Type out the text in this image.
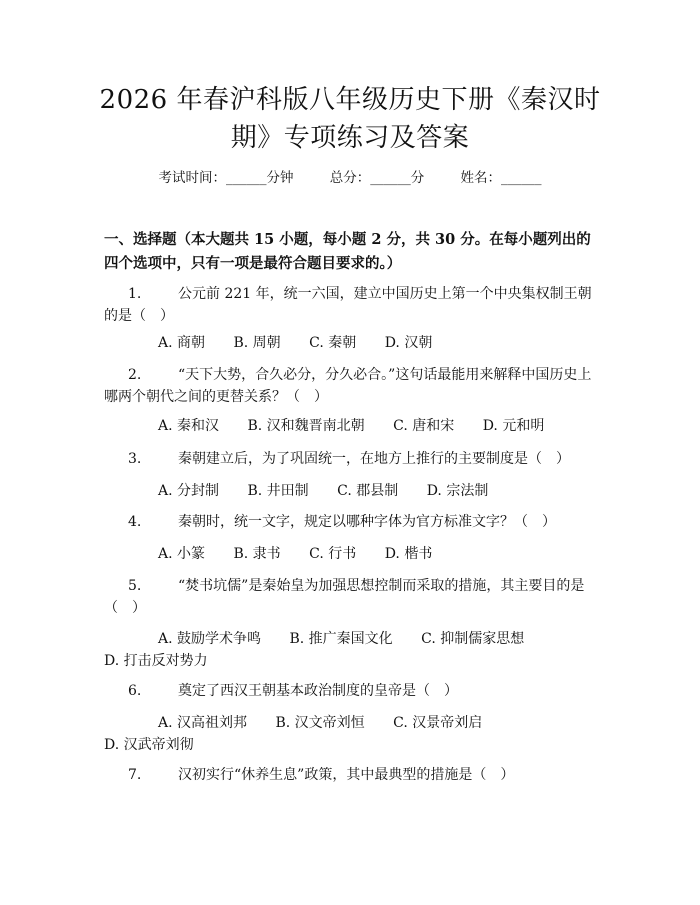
2026 年春沪科版八年级历史下册《秦汉时
期》专项练习及答案
考试时间：______分钟	总分：______分	姓名：______
一、选择题（本大题共 15 小题，每小题 2 分，共 30 分。在每小题列出的四个选项中，只有一项是最符合题目要求的。）
1.	公元前 221 年，统一六国，建立中国历史上第一个中央集权制王朝的是（　）
A. 商朝 B. 周朝 C. 秦朝 D. 汉朝
2.	“天下大势，合久必分，分久必合。”这句话最能用来解释中国历史上哪两个朝代之间的更替关系？（　）
A. 秦和汉 B. 汉和魏晋南北朝 C. 唐和宋 D. 元和明
3.	秦朝建立后，为了巩固统一，在地方上推行的主要制度是（　）
A. 分封制 B. 井田制 C. 郡县制 D. 宗法制
4.	秦朝时，统一文字，规定以哪种字体为官方标准文字？（　）
A. 小篆 B. 隶书 C. 行书 D. 楷书
5.	“焚书坑儒”是秦始皇为加强思想控制而采取的措施，其主要目的是（　）
A. 鼓励学术争鸣 B. 推广秦国文化 C. 抑制儒家思想 D. 打击反对势力
6.	奠定了西汉王朝基本政治制度的皇帝是（　）
A. 汉高祖刘邦 B. 汉文帝刘恒 C. 汉景帝刘启 D. 汉武帝刘彻
7.	汉初实行“休养生息”政策，其中最典型的措施是（　）
